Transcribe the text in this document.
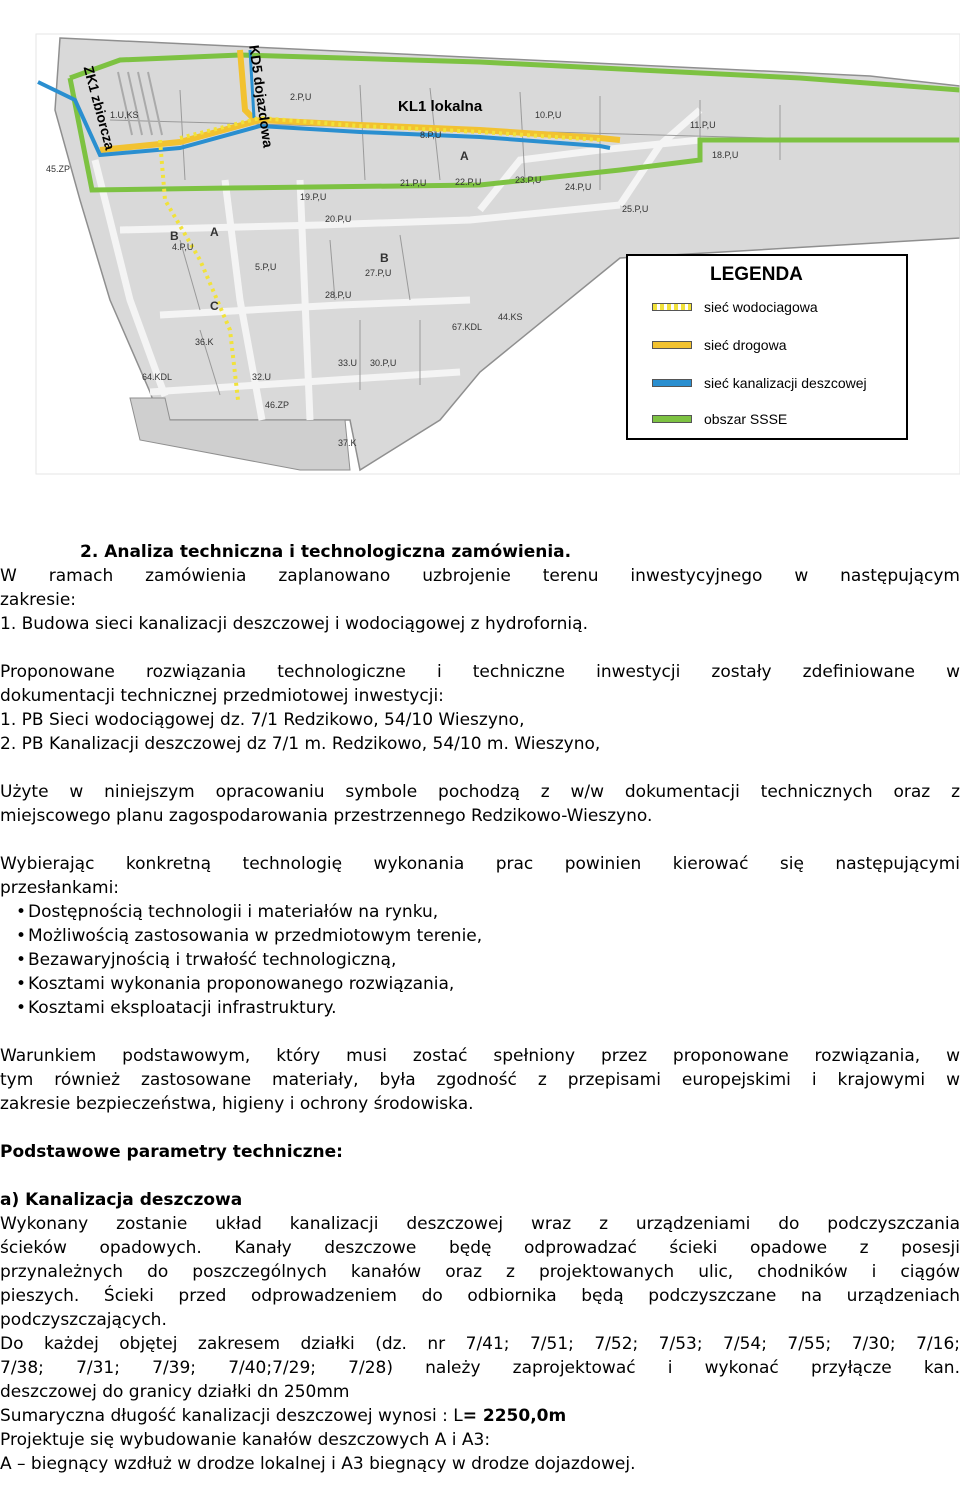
1.U,KS
2.P,U
8.P,U
10.P,U
11.P,U
18.P,U
19.P,U
20.P,U
21.P,U	22.P,U	23.P,U
24.P,U
25.P,U
4.P,U
5.P,U
27.P,U
28.P,U
30.P,U
32.U
33.U
36.K
37.K
44.KS
45.ZP
46.ZP
64.KDL
67.KDL
A
B
C
B
A
ZK1 zbiorcza	KD5 dojazdowa	KL1 lokalna
LEGENDA
sieć wodociagowa
sieć drogowa
sieć kanalizacji deszcowej
obszar SSSE

2. Analiza techniczna i technologiczna zamówienia.

W ramach zamówienia zaplanowano uzbrojenie terenu inwestycyjnego w następującym

zakresie:

1. Budowa sieci kanalizacji deszczowej i wodociągowej z hydrofornią.

Proponowane rozwiązania technologiczne i techniczne inwestycji zostały zdefiniowane w

dokumentacji technicznej przedmiotowej inwestycji:

1. PB Sieci wodociągowej dz. 7/1 Redzikowo, 54/10 Wieszyno,

2. PB Kanalizacji deszczowej dz 7/1 m. Redzikowo, 54/10 m. Wieszyno,

Użyte w niniejszym opracowaniu symbole pochodzą z w/w dokumentacji technicznych oraz z

miejscowego planu zagospodarowania przestrzennego Redzikowo-Wieszyno.

Wybierając konkretną technologię wykonania prac powinien kierować się następującymi

przesłankami:

• Dostępnością technologii i materiałów na rynku,
• Możliwością zastosowania w przedmiotowym terenie,
• Bezawaryjnością i trwałość technologiczną,
• Kosztami wykonania proponowanego rozwiązania,
• Kosztami eksploatacji infrastruktury.

Warunkiem podstawowym, który musi zostać spełniony przez proponowane rozwiązania, w

tym również zastosowane materiały, była zgodność z przepisami europejskimi i krajowymi w

zakresie bezpieczeństwa, higieny i ochrony środowiska.

Podstawowe parametry techniczne:

a) Kanalizacja deszczowa

Wykonany zostanie układ kanalizacji deszczowej wraz z urządzeniami do podczyszczania

ścieków opadowych. Kanały deszczowe będę odprowadzać ścieki opadowe z posesji

przynależnych do poszczególnych kanałów oraz z projektowanych ulic, chodników i ciągów

pieszych. Ścieki przed odprowadzeniem do odbiornika będą podczyszczane na urządzeniach

podczyszczających.

Do każdej objętej zakresem działki (dz. nr 7/41; 7/51; 7/52; 7/53; 7/54; 7/55; 7/30; 7/16;

7/38; 7/31; 7/39; 7/40;7/29; 7/28) należy zaprojektować i wykonać przyłącze kan.

deszczowej do granicy działki dn 250mm

Sumaryczna długość kanalizacji deszczowej wynosi : L= 2250,0m

Projektuje się wybudowanie kanałów deszczowych A i A3:

A – biegnący wzdłuż w drodze lokalnej i A3 biegnący w drodze dojazdowej.
